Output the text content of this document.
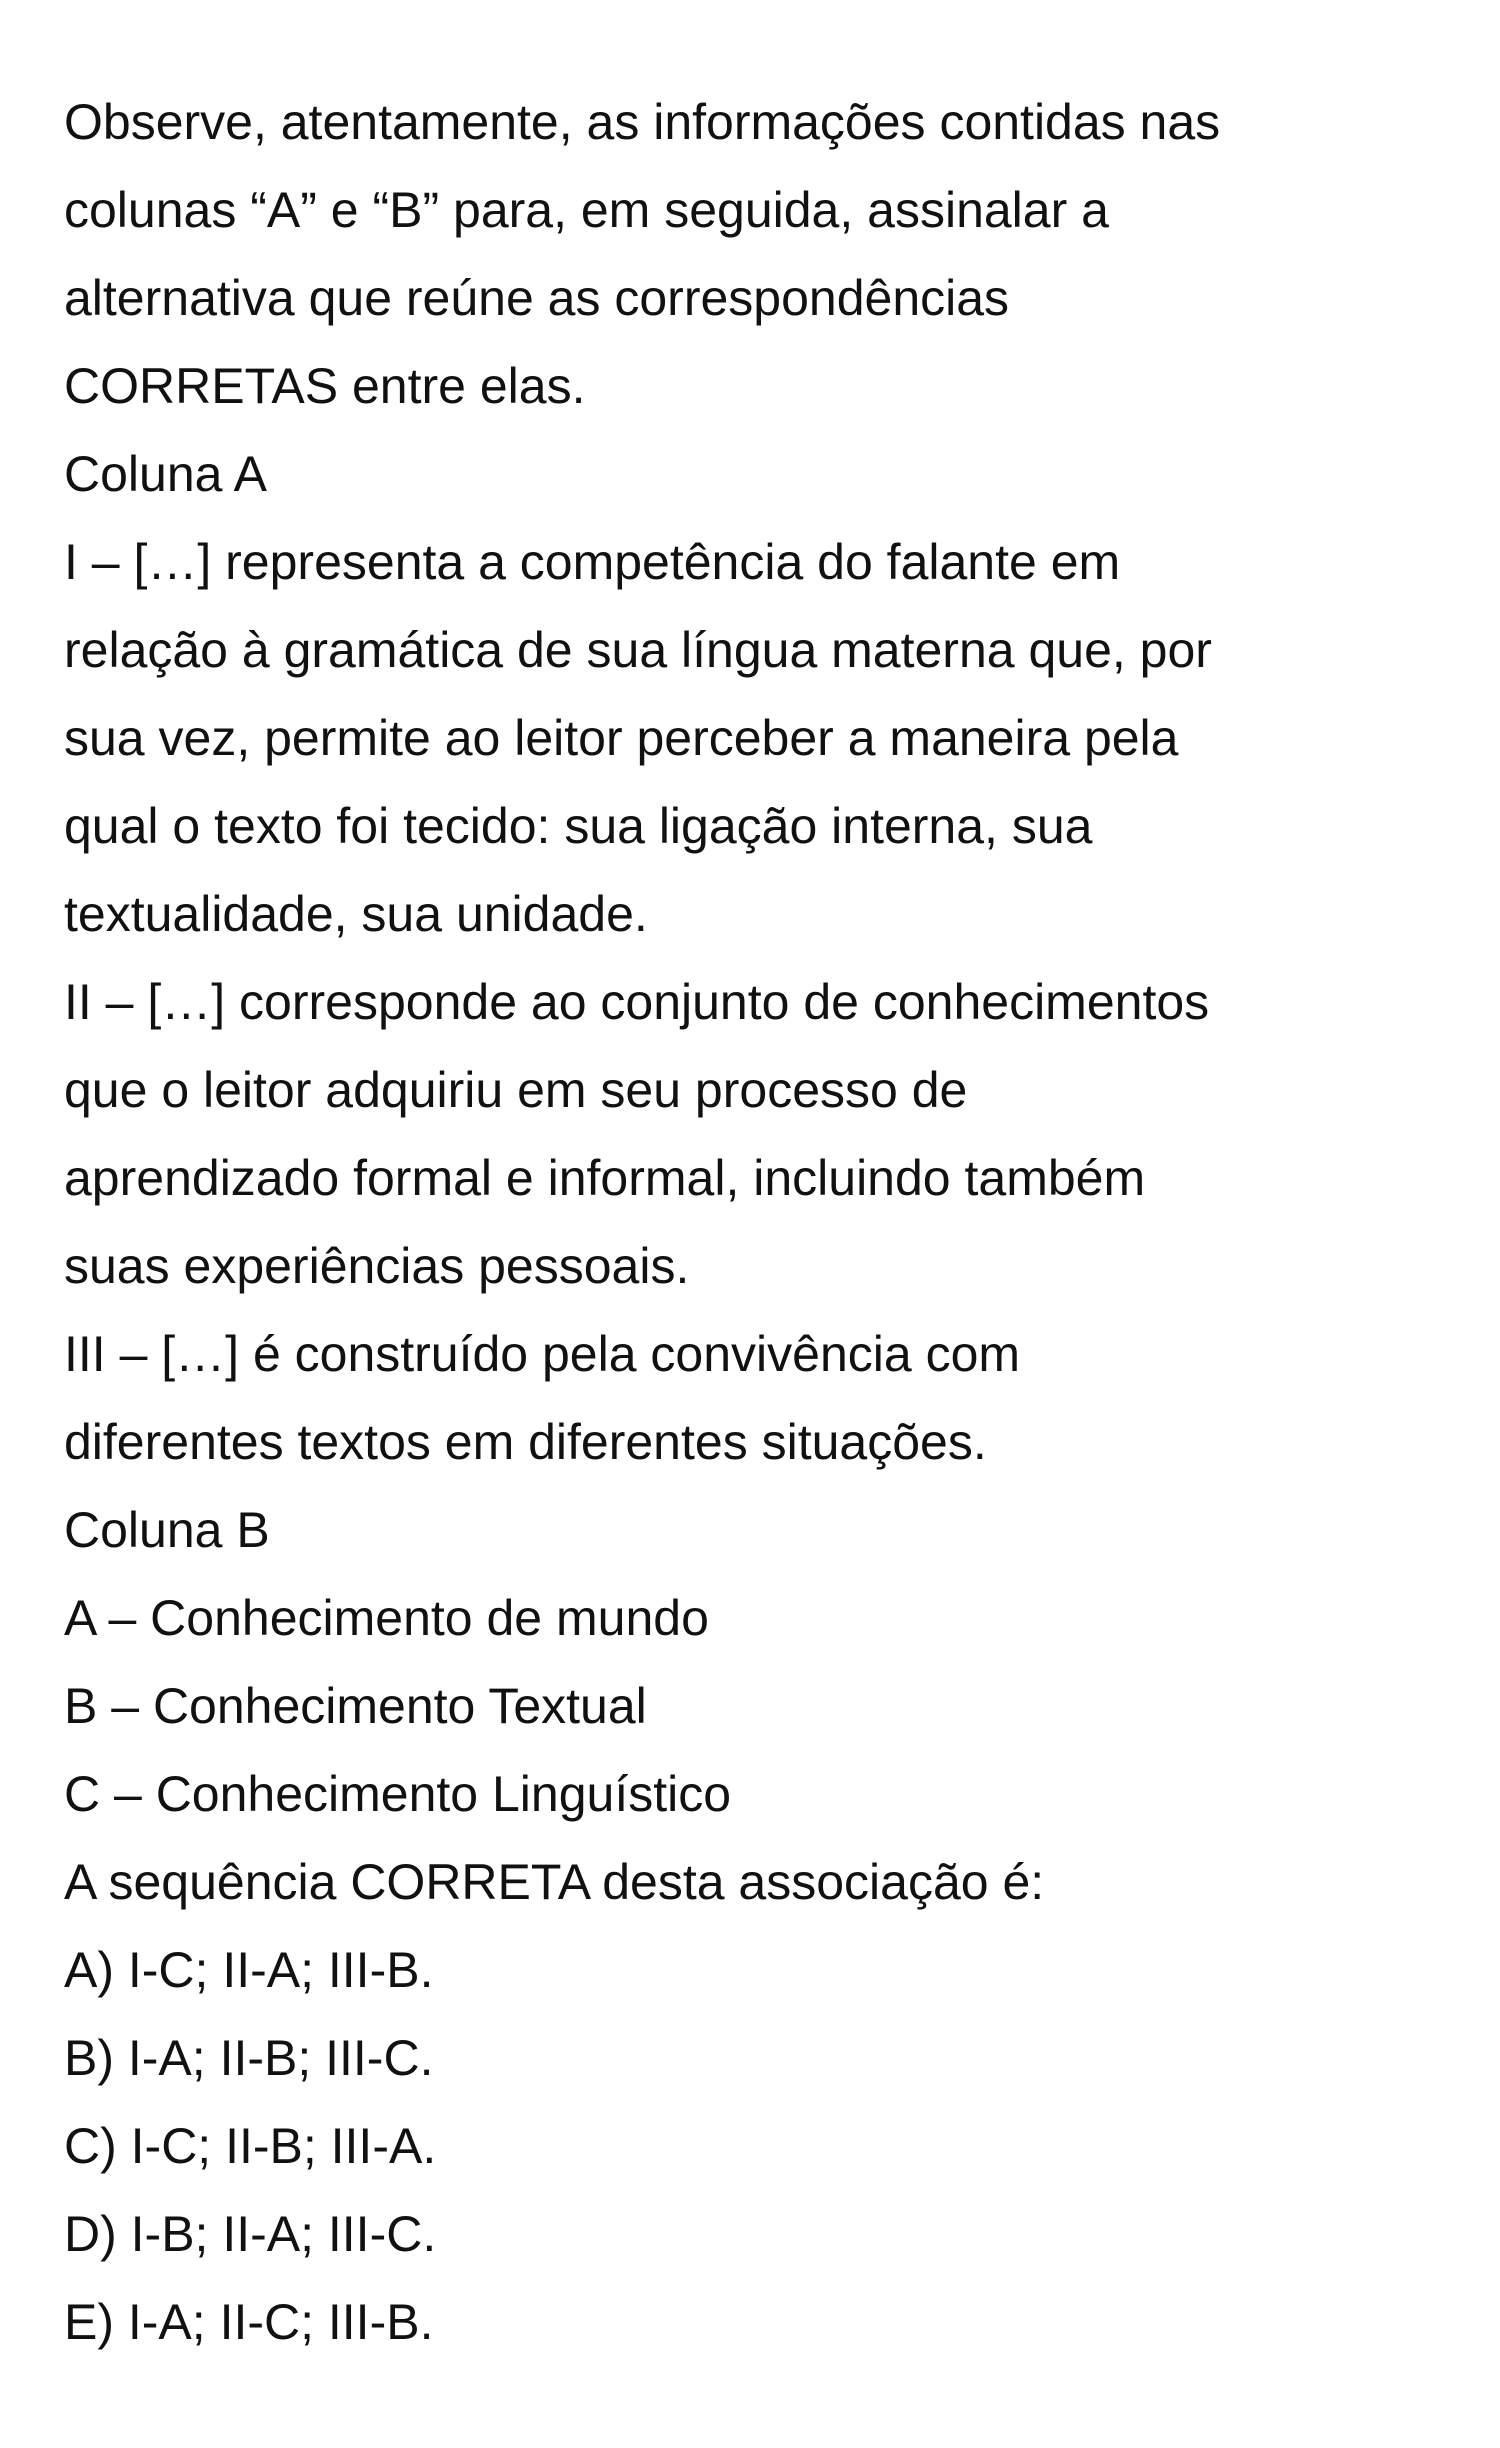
Observe, atentamente, as informações contidas nas
colunas “A” e “B” para, em seguida, assinalar a
alternativa que reúne as correspondências
CORRETAS entre elas.
Coluna A
I – […] representa a competência do falante em
relação à gramática de sua língua materna que, por
sua vez, permite ao leitor perceber a maneira pela
qual o texto foi tecido: sua ligação interna, sua
textualidade, sua unidade.
II – […] corresponde ao conjunto de conhecimentos
que o leitor adquiriu em seu processo de
aprendizado formal e informal, incluindo também
suas experiências pessoais.
III – […] é construído pela convivência com
diferentes textos em diferentes situações.
Coluna B
A – Conhecimento de mundo
B – Conhecimento Textual
C – Conhecimento Linguístico
A sequência CORRETA desta associação é:
A) I-C; II-A; III-B.
B) I-A; II-B; III-C.
C) I-C; II-B; III-A.
D) I-B; II-A; III-C.
E) I-A; II-C; III-B.
